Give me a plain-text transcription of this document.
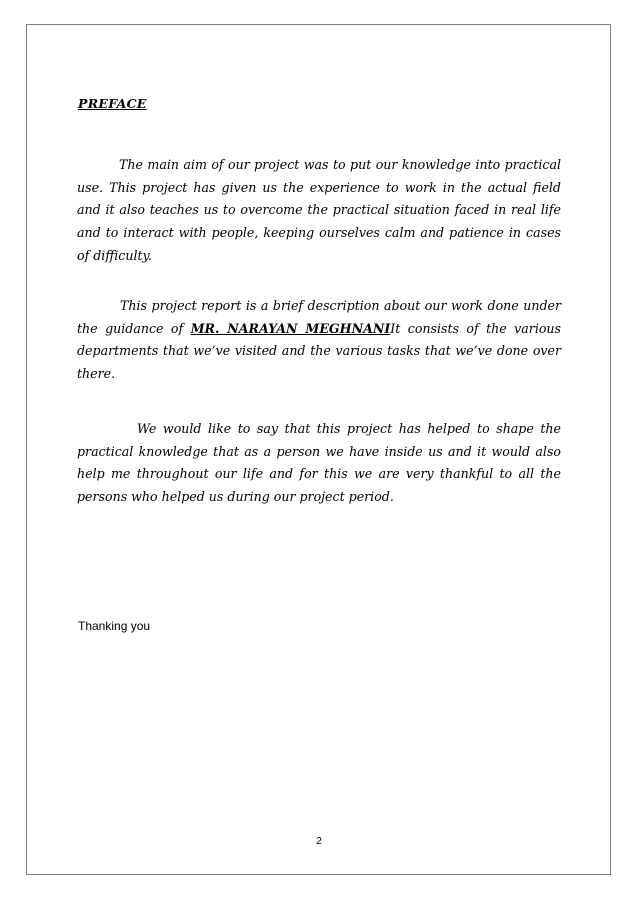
PREFACE

The main aim of our project was to put our knowledge into practical use. This project has given us the experience to work in the actual field and it also teaches us to overcome the practical situation faced in real life and to interact with people, keeping ourselves calm and patience in cases of difficulty.

This project report is a brief description about our work done under the guidance of MR. NARAYAN MEGHNANIIt consists of the various departments that we’ve visited and the various tasks that we’ve done over there.

We would like to say that this project has helped to shape the practical knowledge that as a person we have inside us and it would also help me throughout our life and for this we are very thankful to all the persons who helped us during our project period.

Thanking you
2
